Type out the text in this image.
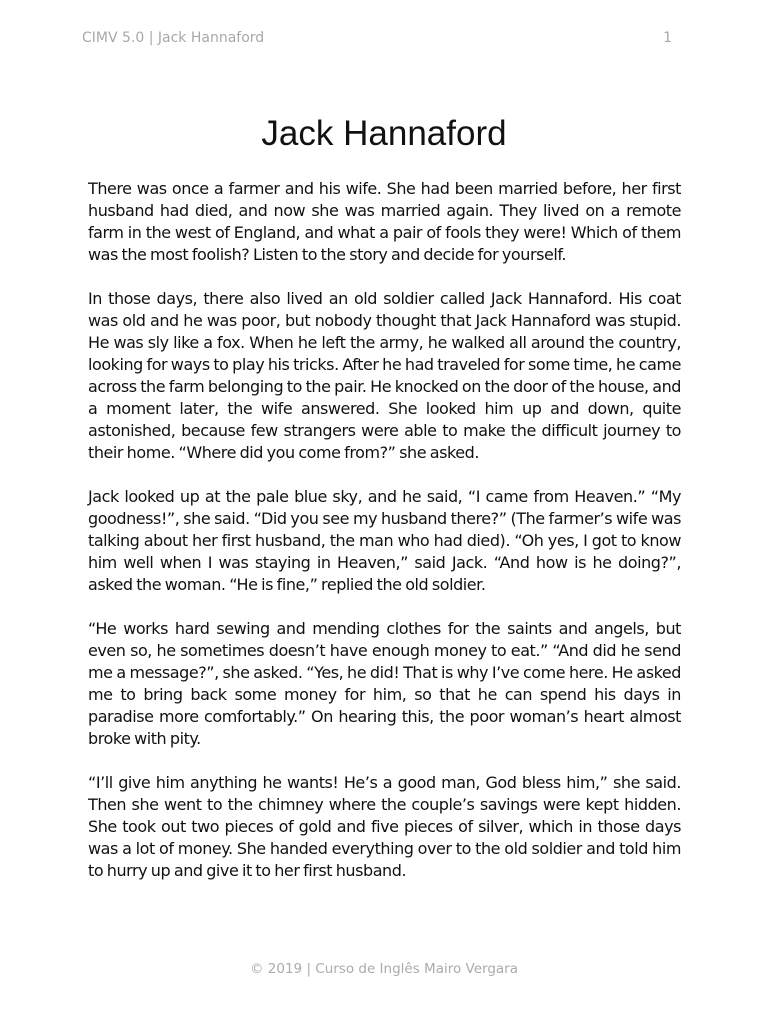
CIMV 5.0 | Jack Hannaford	1
Jack Hannaford

There was once a farmer and his wife. She had been married before, her first husband had died, and now she was married again. They lived on a remote farm in the west of England, and what a pair of fools they were! Which of them was the most foolish? Listen to the story and decide for yourself.

In those days, there also lived an old soldier called Jack Hannaford. His coat was old and he was poor, but nobody thought that Jack Hannaford was stupid. He was sly like a fox. When he left the army, he walked all around the country, looking for ways to play his tricks. After he had traveled for some time, he came across the farm belonging to the pair. He knocked on the door of the house, and a moment later, the wife answered. She looked him up and down, quite astonished, because few strangers were able to make the difficult journey to their home. “Where did you come from?” she asked.

Jack looked up at the pale blue sky, and he said, “I came from Heaven.” “My goodness!”, she said. “Did you see my husband there?” (The farmer’s wife was talking about her first husband, the man who had died). “Oh yes, I got to know him well when I was staying in Heaven,” said Jack. “And how is he doing?”, asked the woman. “He is fine,” replied the old soldier.

“He works hard sewing and mending clothes for the saints and angels, but even so, he sometimes doesn’t have enough money to eat.” “And did he send me a message?”, she asked. “Yes, he did! That is why I’ve come here. He asked me to bring back some money for him, so that he can spend his days in paradise more comfortably.” On hearing this, the poor woman’s heart almost broke with pity.

“I’ll give him anything he wants! He’s a good man, God bless him,” she said. Then she went to the chimney where the couple’s savings were kept hidden. She took out two pieces of gold and five pieces of silver, which in those days was a lot of money. She handed everything over to the old soldier and told him to hurry up and give it to her first husband.

© 2019 | Curso de Inglês Mairo Vergara
